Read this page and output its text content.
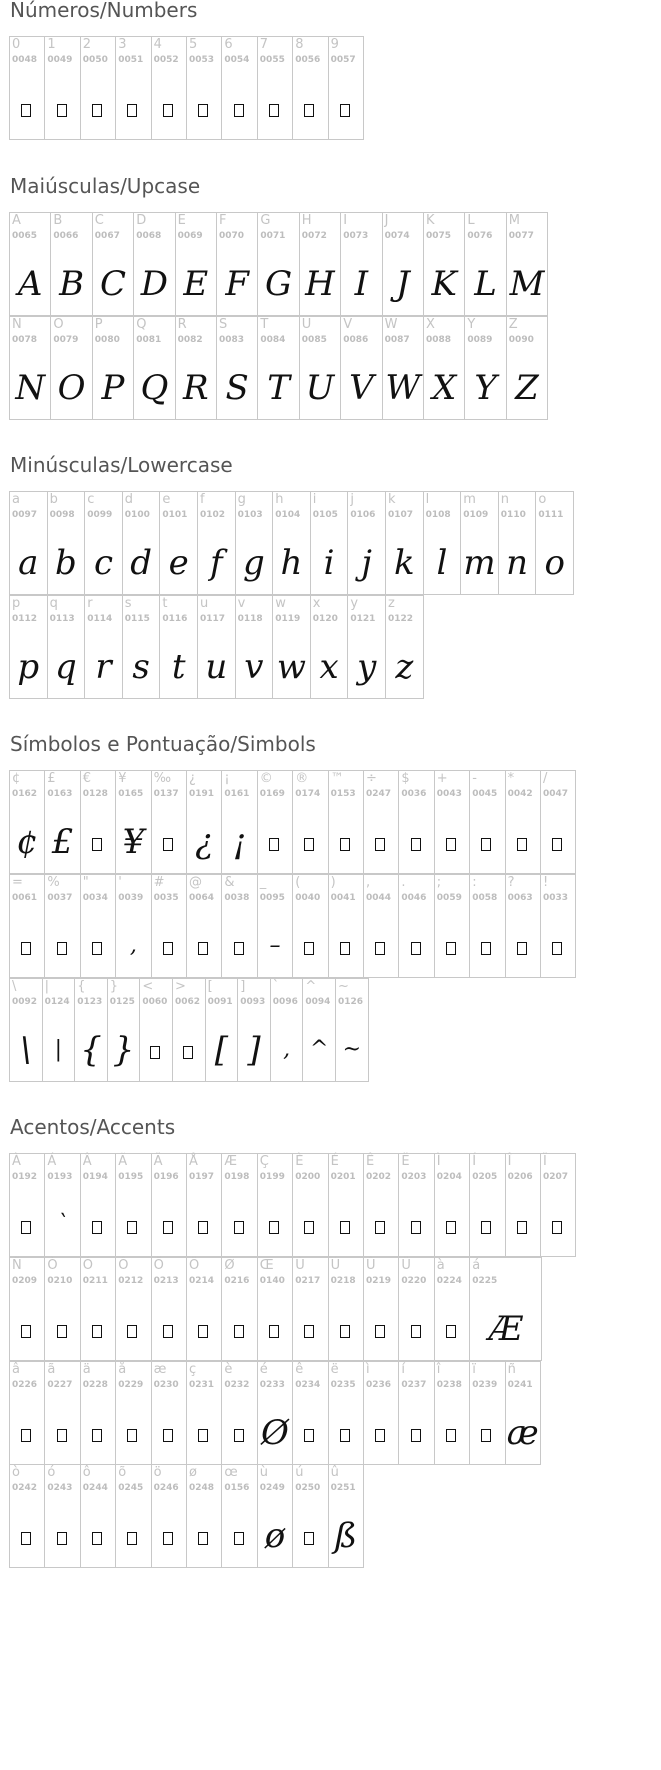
Números/Numbers
0
0048
1
0049
2
0050
3
0051
4
0052
5
0053
6
0054
7
0055
8
0056
9
0057
Maiúsculas/Upcase
A
0065
A
B
0066
B
C
0067
C
D
0068
D
E
0069
E
F
0070
F
G
0071
G
H
0072
H
I
0073
I
J
0074
J
K
0075
K
L
0076
L
M
0077
M
N
0078
N
O
0079
O
P
0080
P
Q
0081
Q
R
0082
R
S
0083
S
T
0084
T
U
0085
U
V
0086
V
W
0087
W
X
0088
X
Y
0089
Y
Z
0090
Z
Minúsculas/Lowercase
a
0097
a
b
0098
b
c
0099
c
d
0100
d
e
0101
e
f
0102
f
g
0103
g
h
0104
h
i
0105
i
j
0106
j
k
0107
k
l
0108
l
m
0109
m
n
0110
n
o
0111
o
p
0112
p
q
0113
q
r
0114
r
s
0115
s
t
0116
t
u
0117
u
v
0118
v
w
0119
w
x
0120
x
y
0121
y
z
0122
z
Símbolos e Pontuação/Simbols
¢
0162
¢
£
0163
£
€
0128
¥
0165
¥
‰
0137
¿
0191
¿
¡
0161
¡
©
0169
®
0174
™
0153
÷
0247
$
0036
+
0043
-
0045
*
0042
/
0047
=
0061
%
0037
"
0034
'
0039
,
#
0035
@
0064
&
0038
_
0095
–
(
0040
)
0041
,
0044
.
0046
;
0059
:
0058
?
0063
!
0033
\
0092
\
|
0124
|
{
0123
{
}
0125
}
<
0060
>
0062
[
0091
[
]
0093
]
`
0096
,
^
0094
^
~
0126
~
Acentos/Accents
À
0192
Á
0193
`
Â
0194
Ã
0195
Ä
0196
Å
0197
Æ
0198
Ç
0199
È
0200
É
0201
Ê
0202
Ë
0203
Ì
0204
Í
0205
Î
0206
Ï
0207
Ñ
0209
Ò
0210
Ó
0211
Ô
0212
Õ
0213
Ö
0214
Ø
0216
Œ
0140
Ù
0217
Ú
0218
Û
0219
Ü
0220
à
0224
á
0225
Æ
â
0226
ã
0227
ä
0228
å
0229
æ
0230
ç
0231
è
0232
é
0233
Ø
ê
0234
ë
0235
ì
0236
í
0237
î
0238
ï
0239
ñ
0241
æ
ò
0242
ó
0243
ô
0244
õ
0245
ö
0246
ø
0248
œ
0156
ù
0249
ø
ú
0250
û
0251
ß
